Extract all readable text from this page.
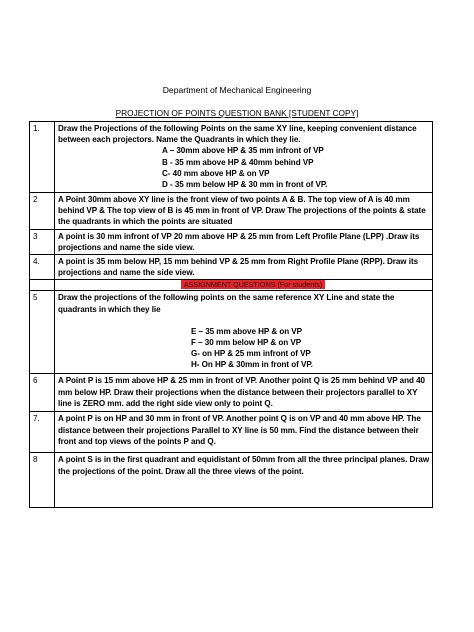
Department of Mechanical Engineering
PROJECTION OF POINTS QUESTION BANK [STUDENT COPY]
1.	Draw the Projections of the following Points on the same XY line, keeping convenient distance between each projectors. Name the Quadrants in which they lie.
A – 30mm above HP & 35 mm infront of VP
B - 35 mm above HP & 40mm behind VP
C- 40 mm above HP & on VP
D - 35 mm below HP & 30 mm in front of VP.

2	A Point 30mm above XY line is the front view of two points A & B. The top view of A is 40 mm behind VP & The top view of B is 45 mm in front of VP. Draw The projections of the points & state the quadrants in which the points are situated
3	A point is 30 mm infront of VP 20 mm above HP & 25 mm from Left Profile Plane (LPP) .Draw its projections and name the side view.
4.	A point is 35 mm below HP, 15 mm behind VP & 25 mm from Right Profile Plane (RPP). Draw its projections and name the side view.

	ASSIGNMENT QUESTIONS (For students)

5	Draw the projections of the following points on the same reference XY Line and state the quadrants in which they lie
E – 35 mm above HP & on VP
F – 30 mm below HP & on VP
G- on HP & 25 mm infront of VP
H- On HP & 30mm in front of VP.

6	A Point P is 15 mm above HP & 25 mm in front of VP. Another point Q is 25 mm behind VP and 40 mm below HP. Draw their projections when the distance between their projectors parallel to XY line is ZERO mm. add the right side view only to point Q.
7.	A point P is on HP and 30 mm in front of VP. Another point Q is on VP and 40 mm above HP. The distance between their projections Parallel to XY line is 50 mm. Find the distance between their front and top views of the points P and Q.
8	A point S is in the first quadrant and equidistant of 50mm from all the three principal planes. Draw the projections of the point. Draw all the three views of the point.
